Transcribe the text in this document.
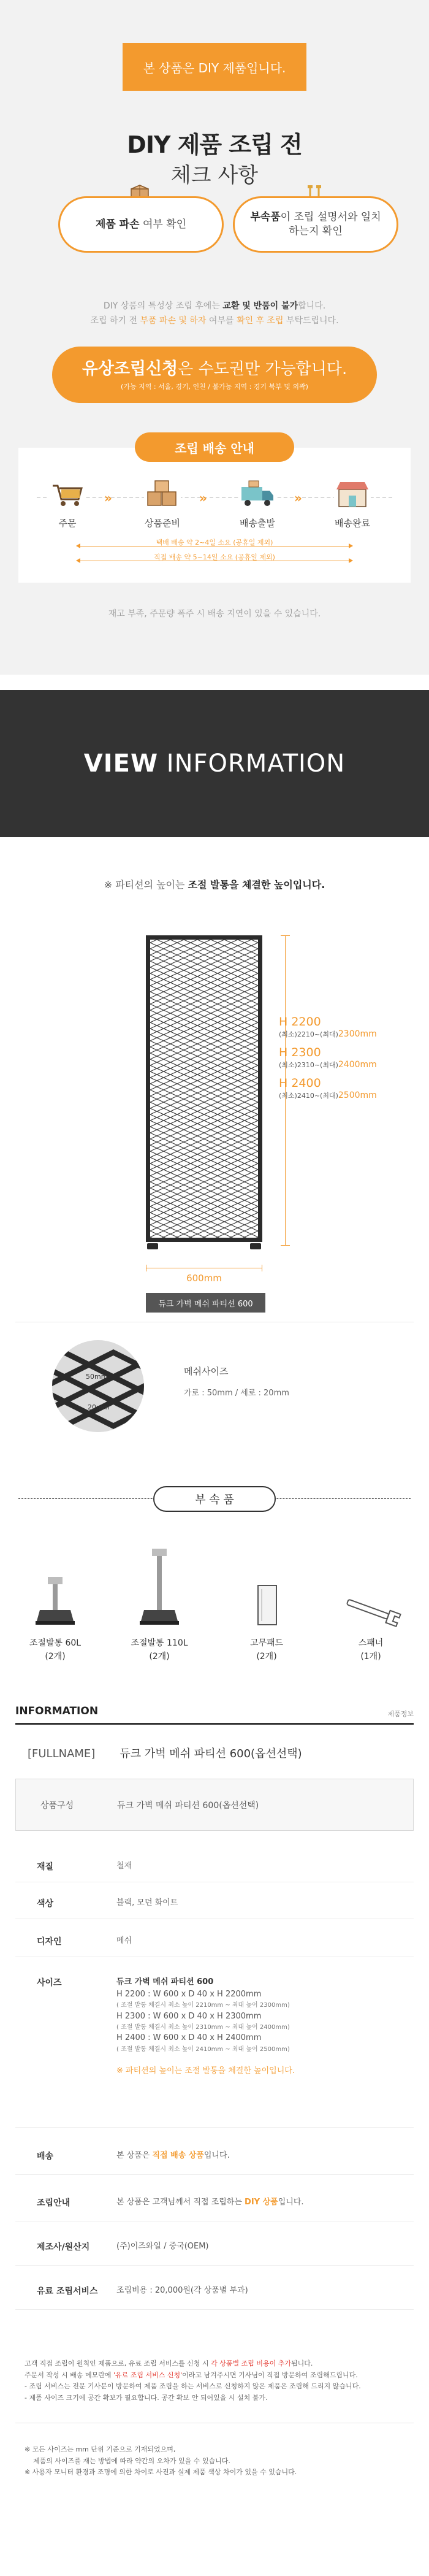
본 상품은 DIY 제품입니다.
DIY 제품 조립 전
체크 사항
제품 파손 여부 확인
부속품이 조립 설명서와 일치하는지 확인
DIY 상품의 특성상 조립 후에는 교환 및 반품이 불가합니다.
조립 하기 전 부품 파손 및 하자 여부를 확인 후 조립 부탁드립니다.
유상조립신청은 수도권만 가능합니다.
(가능 지역 : 서울, 경기, 인천 / 불가능 지역 : 경기 북부 및 외곽)
조립 배송 안내
주문
»
상품준비
»
배송출발
»
배송완료
택배 배송 약 2~4일 소요 (공휴일 제외)
직접 배송 약 5~14일 소요 (공휴일 제외)
재고 부족, 주문량 폭주 시 배송 지연이 있을 수 있습니다.
VIEW INFORMATION
※ 파티션의 높이는 조절 발통을 체결한 높이입니다.
H 2200
(최소)2210~(최대)2300mm
H 2300
(최소)2310~(최대)2400mm
H 2400
(최소)2410~(최대)2500mm
600mm
듀크 가벽 메쉬 파티션 600
50mm
20mm
메쉬사이즈
가로 : 50mm / 세로 : 20mm
부 속 품
조절발통 60L
(2개)
조절발통 110L
(2개)
고무패드
(2개)
스패너
(1개)
INFORMATION	제품정보
[FULLNAME] 듀크 가벽 메쉬 파티션 600(옵션선택)
상품구성	듀크 가벽 메쉬 파티션 600(옵션선택)
재질	철재
색상	블랙, 모던 화이트
디자인	메쉬
사이즈	듀크 가벽 메쉬 파티션 600
H 2200 : W 600 x D 40 x H 2200mm
( 조절 발통 체결시 최소 높이 2210mm ~ 최대 높이 2300mm)
H 2300 : W 600 x D 40 x H 2300mm
( 조절 발통 체결시 최소 높이 2310mm ~ 최대 높이 2400mm)
H 2400 : W 600 x D 40 x H 2400mm
( 조절 발통 체결시 최소 높이 2410mm ~ 최대 높이 2500mm)
※ 파티션의 높이는 조절 발통을 체결한 높이입니다.
배송	본 상품은 직접 배송 상품입니다.
조립안내	본 상품은 고객님께서 직접 조립하는 DIY 상품입니다.
제조사/원산지	(주)이즈와일 / 중국(OEM)
유료 조립서비스 조립비용 : 20,000원(각 상품별 부과)
고객 직접 조립이 원칙인 제품으로, 유료 조립 서비스를 신청 시 각 상품별 조립 비용이 추가됩니다.
주문서 작성 시 배송 메모란에 '유료 조립 서비스 신청'이라고 남겨주시면 기사님이 직접 방문하여 조립해드립니다.
- 조립 서비스는 전문 기사분이 방문하여 제품 조립을 하는 서비스로 신청하지 않은 제품은 조립해 드리지 않습니다.
- 제품 사이즈 크기에 공간 확보가 필요합니다. 공간 확보 안 되어있을 시 설치 불가.
※ 모든 사이즈는 mm 단위 기준으로 기재되었으며,
제품의 사이즈를 재는 방법에 따라 약간의 오차가 있을 수 있습니다.
※ 사용자 모니터 환경과 조명에 의한 차이로 사진과 실제 제품 색상 차이가 있을 수 있습니다.
